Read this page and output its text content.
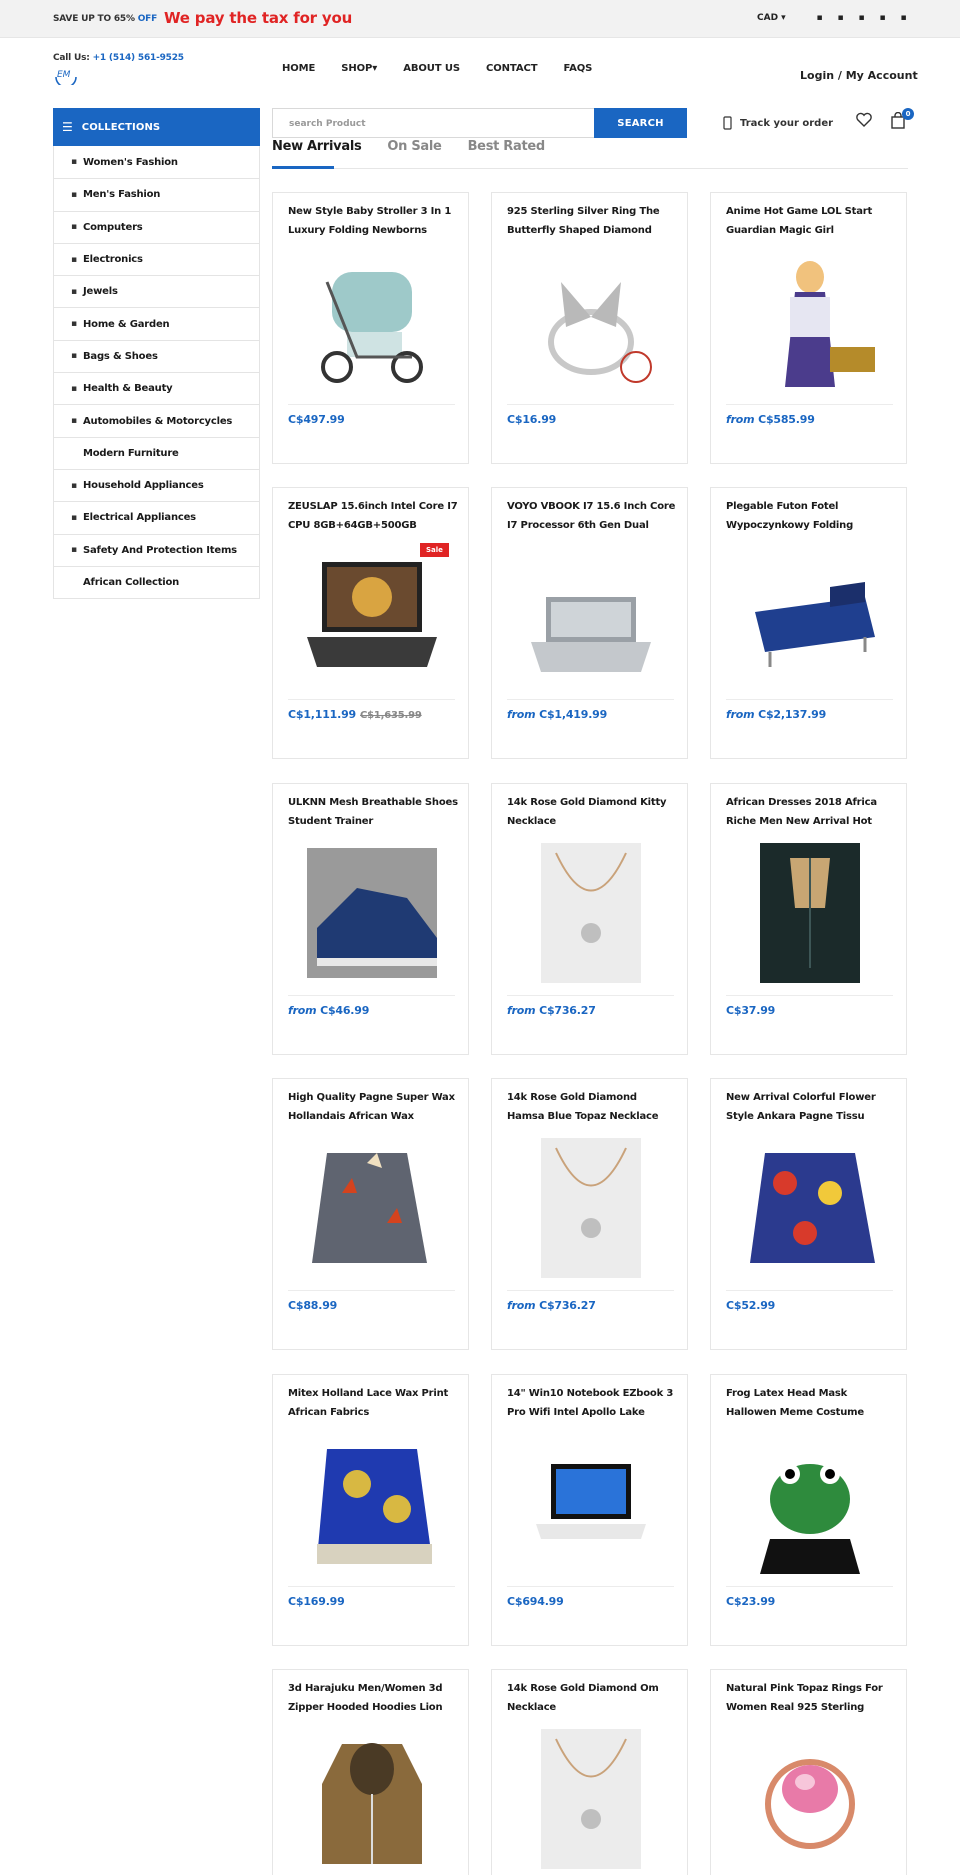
SAVE UP TO 65% OFF We pay the tax for you	CAD ▾	▪ ▪ ▪ ▪ ▪
Call Us: +1 (514) 561-9525
EM
HOME	SHOP▾	ABOUT US	CONTACT	FAQS
Login / My Account
☰ COLLECTIONS
▪ Women's Fashion
▪ Men's Fashion
▪ Computers
▪ Electronics
▪ Jewels
▪ Home & Garden
▪ Bags & Shoes
▪ Health & Beauty
▪ Automobiles & Motorcycles
Modern Furniture
▪ Household Appliances
▪ Electrical Appliances
▪ Safety And Protection Items
African Collection
search Product	SEARCH	Track your order
0
New Arrivals On Sale Best Rated
New Style Baby Stroller 3 In 1 Luxury Folding Newborns
C$497.99
925 Sterling Silver Ring The Butterfly Shaped Diamond
C$16.99
Anime Hot Game LOL Start Guardian Magic Girl
from C$585.99
ZEUSLAP 15.6inch Intel Core I7 CPU 8GB+64GB+500GB
Sale
C$1,111.99 C$1,635.99
VOYO VBOOK I7 15.6 Inch Core I7 Processor 6th Gen Dual
from C$1,419.99
Plegable Futon Fotel Wypoczynkowy Folding
from C$2,137.99
ULKNN Mesh Breathable Shoes Student Trainer
from C$46.99
14k Rose Gold Diamond Kitty Necklace
from C$736.27
African Dresses 2018 Africa Riche Men New Arrival Hot
C$37.99
High Quality Pagne Super Wax Hollandais African Wax
C$88.99
14k Rose Gold Diamond Hamsa Blue Topaz Necklace
from C$736.27
New Arrival Colorful Flower Style Ankara Pagne Tissu
C$52.99
Mitex Holland Lace Wax Print African Fabrics
C$169.99
14" Win10 Notebook EZbook 3 Pro Wifi Intel Apollo Lake
C$694.99
Frog Latex Head Mask Hallowen Meme Costume
C$23.99
3d Harajuku Men/Women 3d Zipper Hooded Hoodies Lion
14k Rose Gold Diamond Om Necklace
Natural Pink Topaz Rings For Women Real 925 Sterling
